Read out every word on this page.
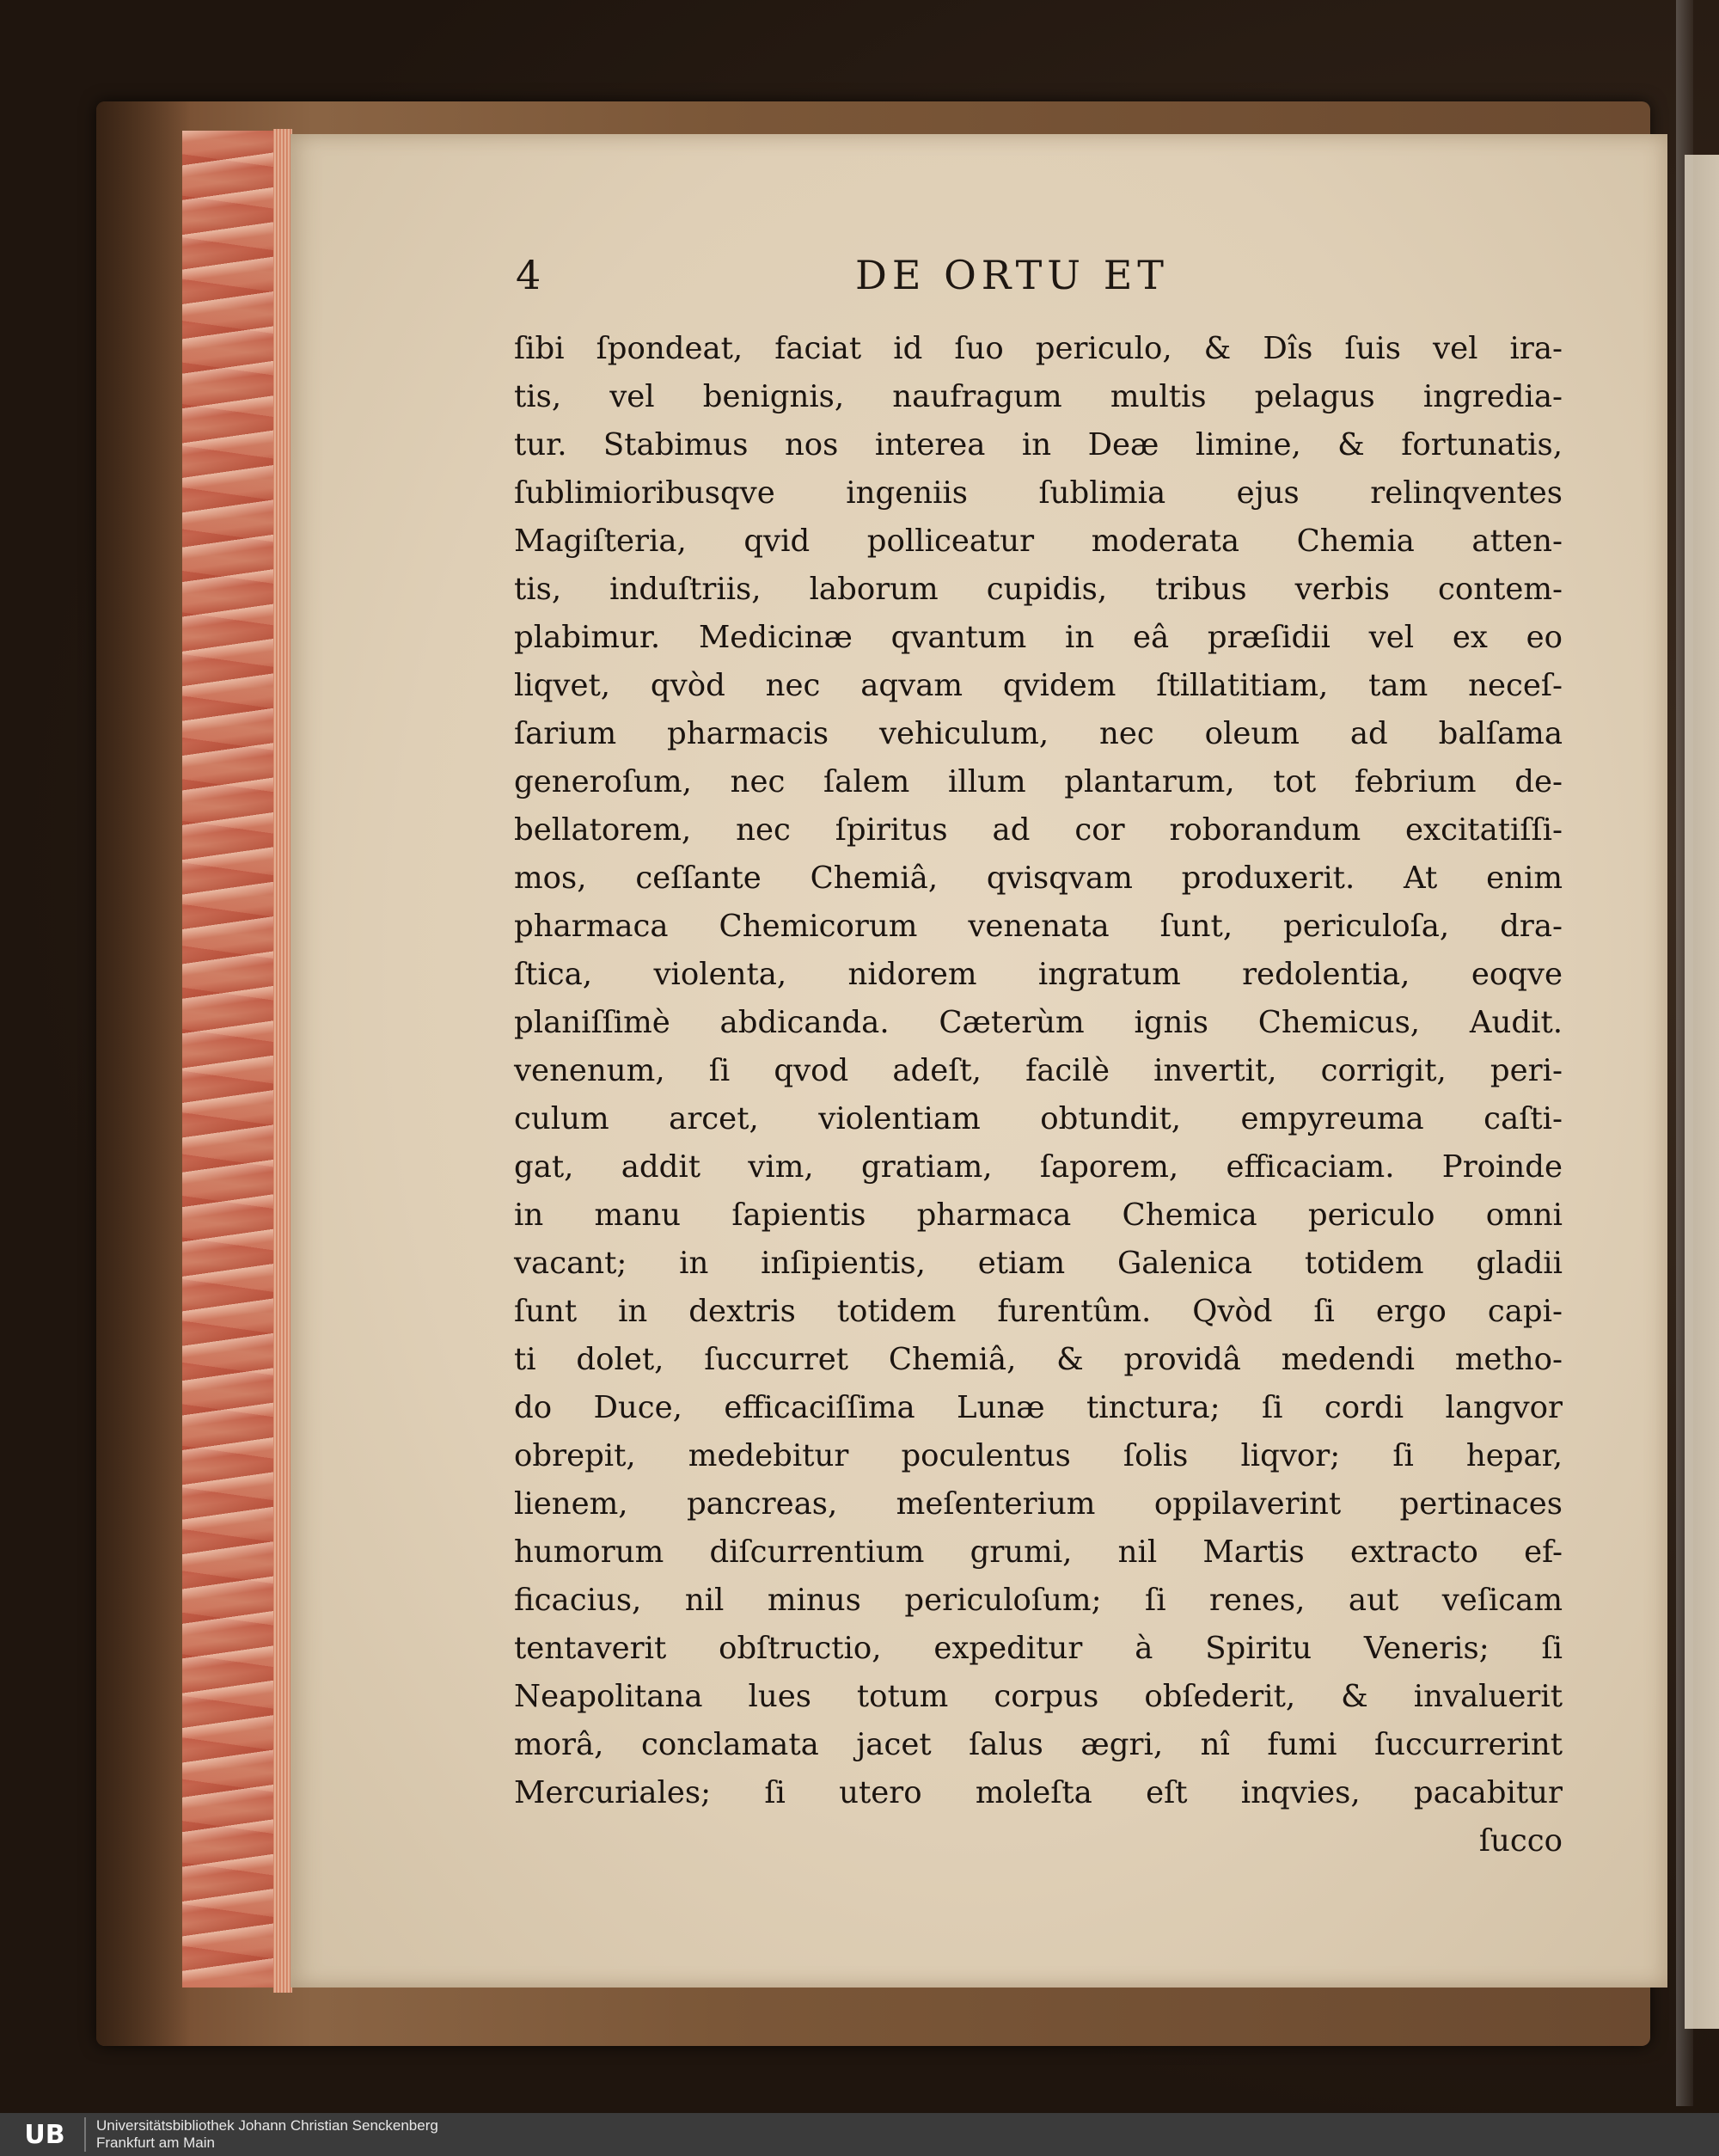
4	DE ORTU ET
ſibi ſpondeat, faciat id ſuo periculo, & Dîs ſuis vel ira-
tis, vel benignis, naufragum multis pelagus ingredia-
tur. Stabimus nos interea in Deæ limine, & fortunatis,
ſublimioribusqve ingeniis ſublimia ejus relinqventes
Magiſteria, qvid polliceatur moderata Chemia atten-
tis, induſtriis, laborum cupidis, tribus verbis contem-
plabimur. Medicinæ qvantum in eâ præſidii vel ex eo
liqvet, qvòd nec aqvam qvidem ſtillatitiam, tam neceſ-
ſarium pharmacis vehiculum, nec oleum ad balſama
generoſum, nec ſalem illum plantarum, tot febrium de-
bellatorem, nec ſpiritus ad cor roborandum excitatiſſi-
mos, ceſſante Chemiâ, qvisqvam produxerit. At enim
pharmaca Chemicorum venenata ſunt, periculoſa, dra-
ſtica, violenta, nidorem ingratum redolentia, eoqve
planiſſimè abdicanda. Cæterùm ignis Chemicus, Audit.
venenum, ſi qvod adeſt, facilè invertit, corrigit, peri-
culum arcet, violentiam obtundit, empyreuma caſti-
gat, addit vim, gratiam, ſaporem, efficaciam. Proinde
in manu ſapientis pharmaca Chemica periculo omni
vacant; in inſipientis, etiam Galenica totidem gladii
ſunt in dextris totidem furentûm. Qvòd ſi ergo capi-
ti dolet, ſuccurret Chemiâ, & providâ medendi metho-
do Duce, efficaciſſima Lunæ tinctura; ſi cordi langvor
obrepit, medebitur poculentus ſolis liqvor; ſi hepar,
lienem, pancreas, meſenterium oppilaverint pertinaces
humorum diſcurrentium grumi, nil Martis extracto ef-
ficacius, nil minus periculoſum; ſi renes, aut veſicam
tentaverit obſtructio, expeditur à Spiritu Veneris; ſi
Neapolitana lues totum corpus obſederit, & invaluerit
morâ, conclamata jacet ſalus ægri, nî fumi ſuccurrerint
Mercuriales; ſi utero moleſta eſt inqvies, pacabitur
ſucco
UB	Universitätsbibliothek Johann Christian Senckenberg
Frankfurt am Main
